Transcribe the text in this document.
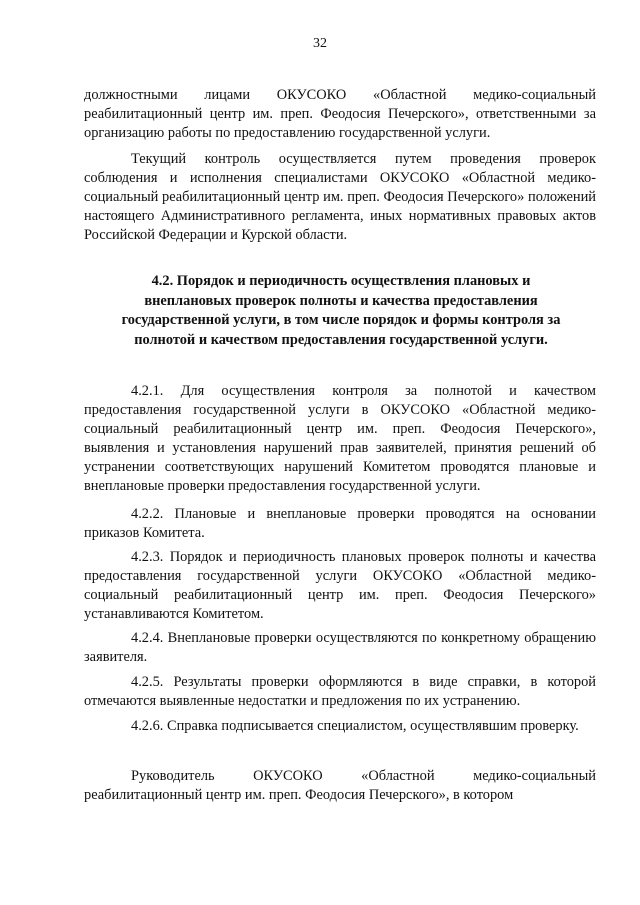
32

должностными лицами ОКУСОКО «Областной медико-социальный реабилитационный центр им. преп. Феодосия Печерского», ответственными за организацию работы по предоставлению государственной услуги.

Текущий контроль осуществляется путем проведения проверок соблюдения и исполнения специалистами ОКУСОКО «Областной медико-социальный реабилитационный центр им. преп. Феодосия Печерского» положений настоящего Административного регламента, иных нормативных правовых актов Российской Федерации и Курской области.

4.2. Порядок и периодичность осуществления плановых и внеплановых проверок полноты и качества предоставления государственной услуги, в том числе порядок и формы контроля за полнотой и качеством предоставления государственной услуги.

4.2.1. Для осуществления контроля за полнотой и качеством предоставления государственной услуги в ОКУСОКО «Областной медико-социальный реабилитационный центр им. преп. Феодосия Печерского», выявления и установления нарушений прав заявителей, принятия решений об устранении соответствующих нарушений Комитетом проводятся плановые и внеплановые проверки предоставления государственной услуги.

4.2.2. Плановые и внеплановые проверки проводятся на основании приказов Комитета.

4.2.3. Порядок и периодичность плановых проверок полноты и качества предоставления государственной услуги ОКУСОКО «Областной медико-социальный реабилитационный центр им. преп. Феодосия Печерского» устанавливаются Комитетом.

4.2.4. Внеплановые проверки осуществляются по конкретному обращению заявителя.

4.2.5. Результаты проверки оформляются в виде справки, в которой отмечаются выявленные недостатки и предложения по их устранению.

4.2.6. Справка подписывается специалистом, осуществлявшим проверку.

Руководитель ОКУСОКО «Областной медико-социальный реабилитационный центр им. преп. Феодосия Печерского», в котором
